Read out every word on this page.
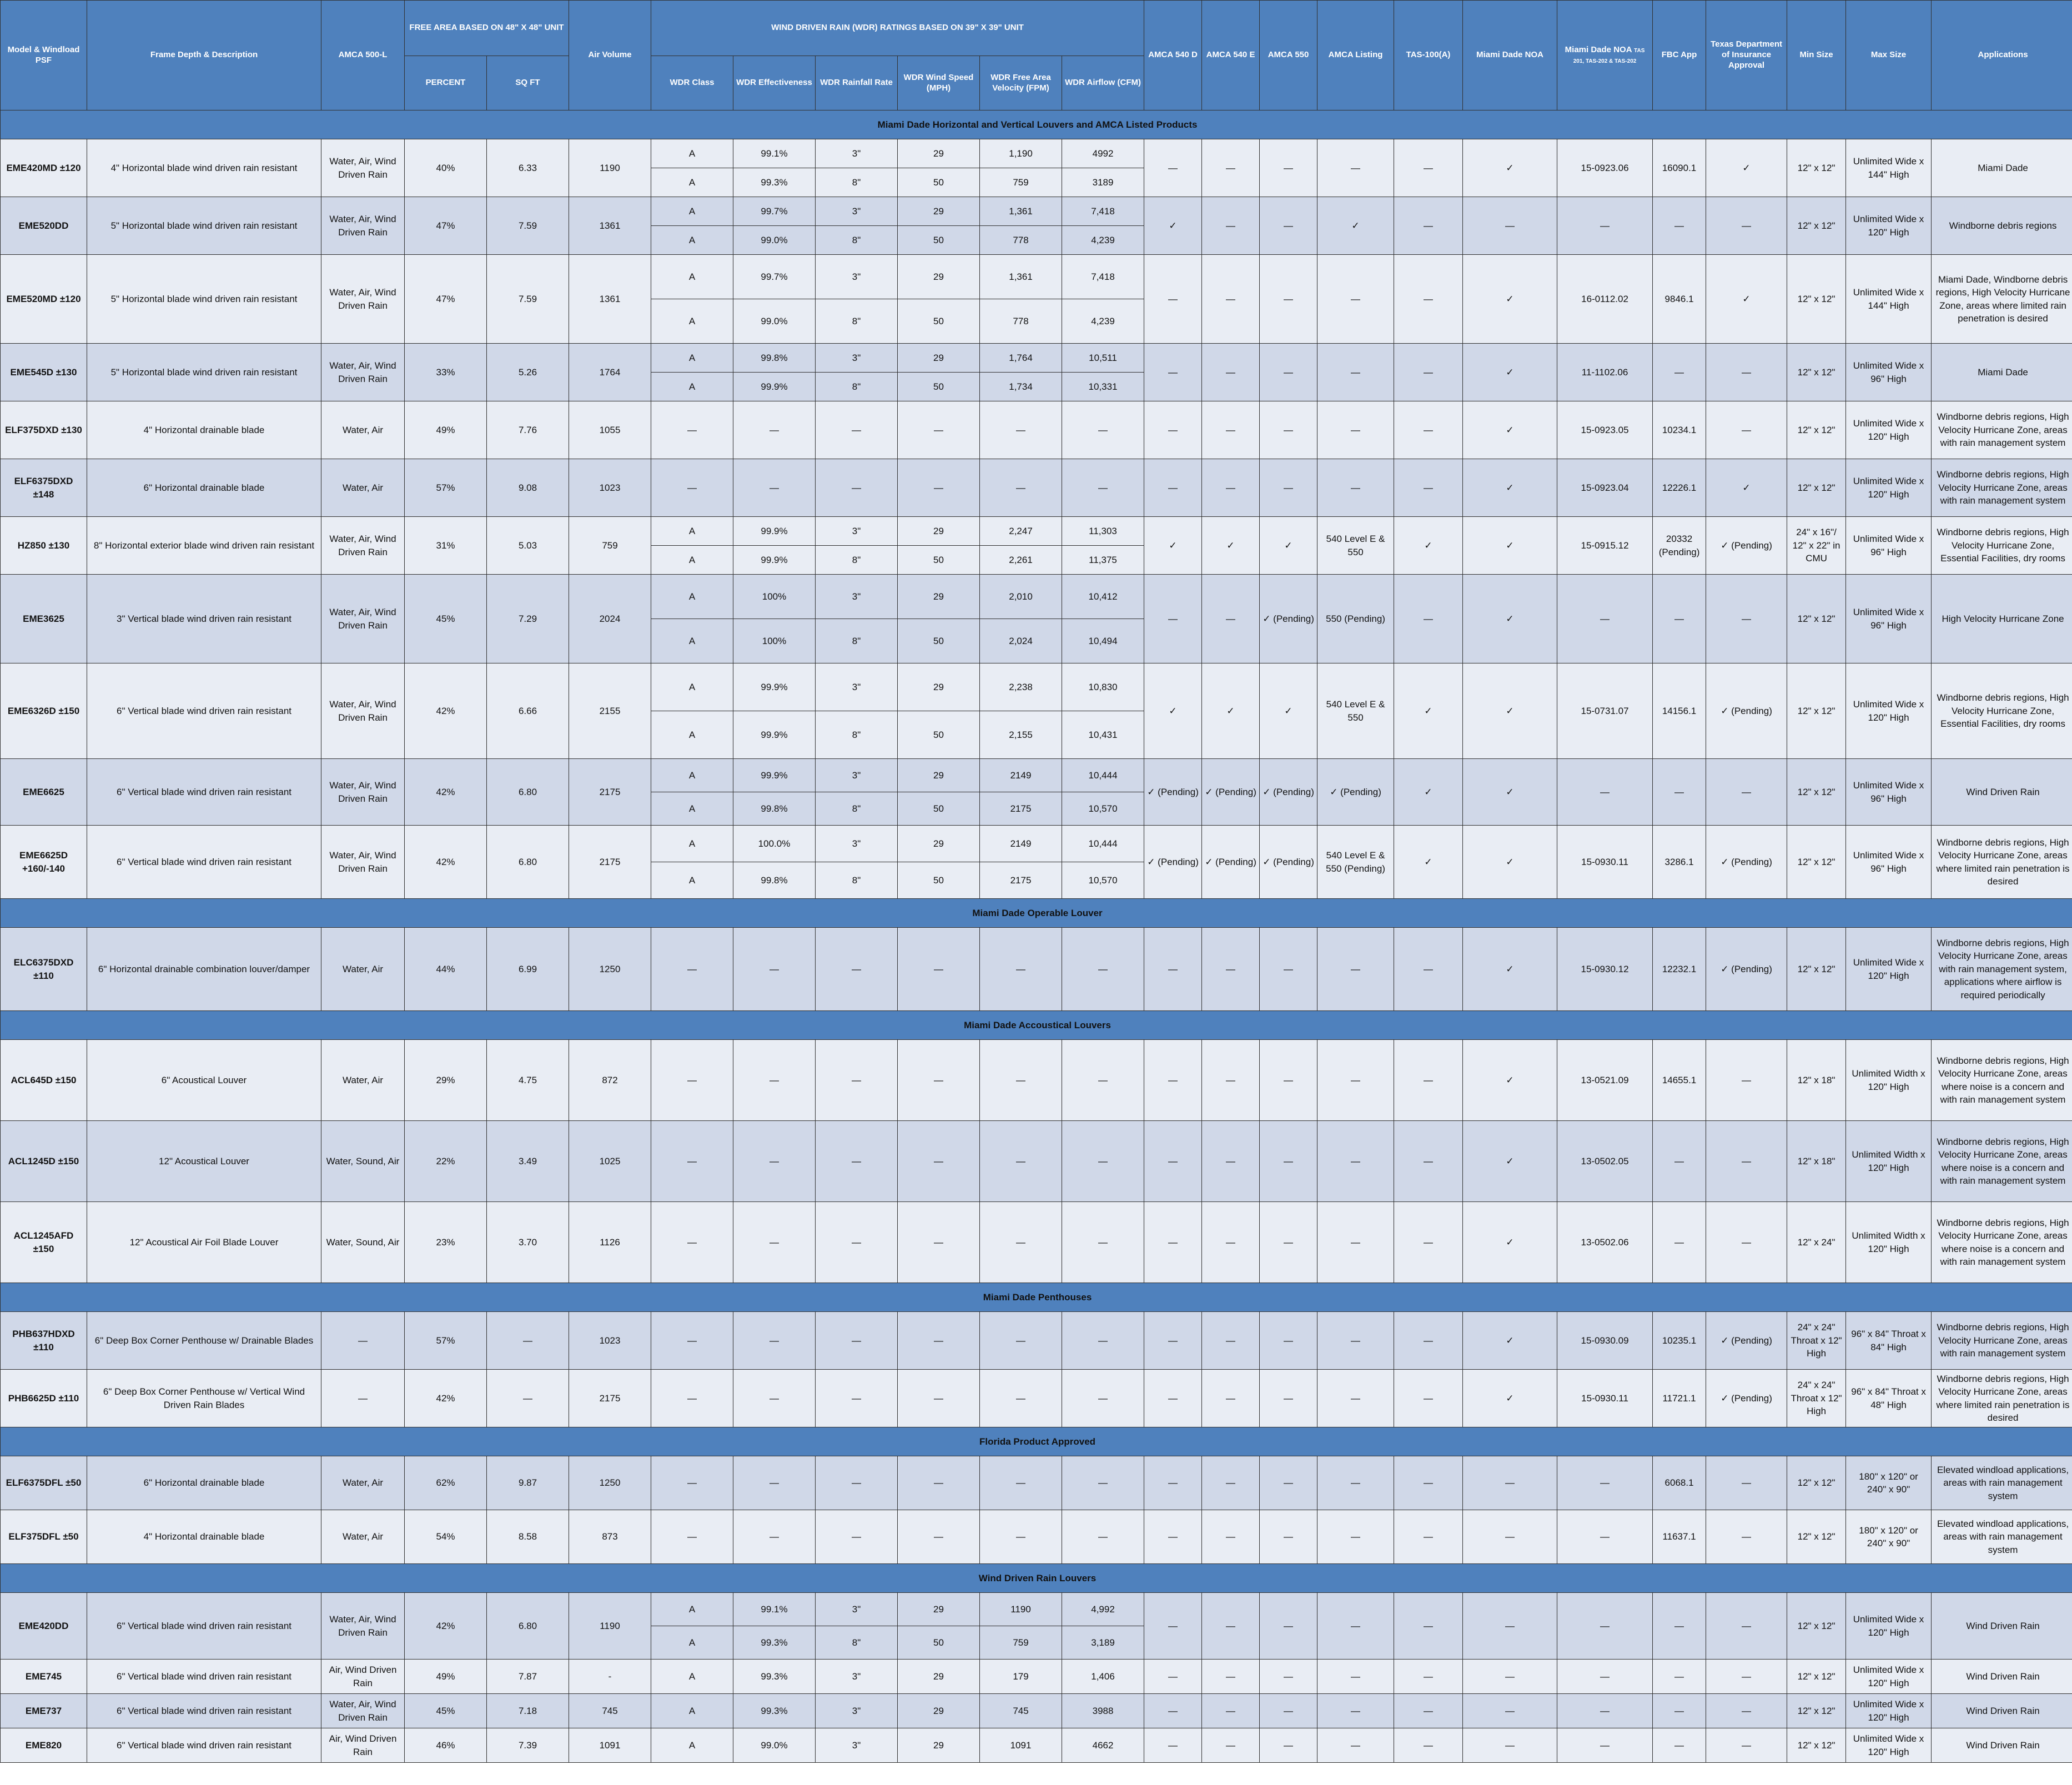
Model & Windload PSF	Frame Depth & Description	AMCA 500-L	FREE AREA BASED ON 48" X 48" UNIT		Air Volume	WIND DRIVEN RAIN (WDR) RATINGS BASED ON 39" X 39" UNIT						AMCA 540 D	AMCA 540 E	AMCA 550	AMCA Listing	TAS-100(A)	Miami Dade NOA	Miami Dade NOA TAS 201, TAS-202 & TAS-202	FBC App	Texas Department of Insurance Approval	Min Size	Max Size	Applications
			PERCENT	SQ FT		WDR Class	WDR Effectiveness	WDR Rainfall Rate	WDR Wind Speed (MPH)	WDR Free Area Velocity (FPM)	WDR Airflow (CFM)												
Miami Dade Horizontal and Vertical Louvers and AMCA Listed Products																							
EME420MD ±120	4" Horizontal blade wind driven rain resistant	Water, Air, Wind Driven Rain	40%	6.33	1190	A	99.1%	3"	29	1,190	4992	—	—	—	—	—	✓	15-0923.06	16090.1	✓	12" x 12"	Unlimited Wide x 144" High	Miami Dade
						A	99.3%	8"	50	759	3189												
EME520DD	5" Horizontal blade wind driven rain resistant	Water, Air, Wind Driven Rain	47%	7.59	1361	A	99.7%	3"	29	1,361	7,418	✓	—	—	✓	—	—	—	—	—	12" x 12"	Unlimited Wide x 120" High	Windborne debris regions
						A	99.0%	8"	50	778	4,239												
EME520MD ±120	5" Horizontal blade wind driven rain resistant	Water, Air, Wind Driven Rain	47%	7.59	1361	A	99.7%	3"	29	1,361	7,418	—	—	—	—	—	✓	16-0112.02	9846.1	✓	12" x 12"	Unlimited Wide x 144" High	Miami Dade, Windborne debris regions, High Velocity Hurricane Zone, areas where limited rain penetration is desired
						A	99.0%	8"	50	778	4,239												
EME545D ±130	5" Horizontal blade wind driven rain resistant	Water, Air, Wind Driven Rain	33%	5.26	1764	A	99.8%	3"	29	1,764	10,511	—	—	—	—	—	✓	11-1102.06	—	—	12" x 12"	Unlimited Wide x 96" High	Miami Dade
						A	99.9%	8"	50	1,734	10,331												
ELF375DXD ±130	4" Horizontal drainable blade	Water, Air	49%	7.76	1055	—	—	—	—	—	—	—	—	—	—	—	✓	15-0923.05	10234.1	—	12" x 12"	Unlimited Wide x 120" High	Windborne debris regions, High Velocity Hurricane Zone, areas with rain management system
ELF6375DXD ±148	6" Horizontal drainable blade	Water, Air	57%	9.08	1023	—	—	—	—	—	—	—	—	—	—	—	✓	15-0923.04	12226.1	✓	12" x 12"	Unlimited Wide x 120" High	Windborne debris regions, High Velocity Hurricane Zone, areas with rain management system
HZ850 ±130	8" Horizontal exterior blade wind driven rain resistant	Water, Air, Wind Driven Rain	31%	5.03	759	A	99.9%	3"	29	2,247	11,303	✓	✓	✓	540 Level E & 550	✓	✓	15-0915.12	20332 (Pending)	✓ (Pending)	24" x 16"/ 12" x 22" in CMU	Unlimited Wide x 96" High	Windborne debris regions, High Velocity Hurricane Zone, Essential Facilities, dry rooms
						A	99.9%	8"	50	2,261	11,375												
EME3625	3" Vertical blade wind driven rain resistant	Water, Air, Wind Driven Rain	45%	7.29	2024	A	100%	3"	29	2,010	10,412	—	—	✓ (Pending)	550 (Pending)	—	✓	—	—	—	12" x 12"	Unlimited Wide x 96" High	High Velocity Hurricane Zone
						A	100%	8"	50	2,024	10,494												
EME6326D ±150	6" Vertical blade wind driven rain resistant	Water, Air, Wind Driven Rain	42%	6.66	2155	A	99.9%	3"	29	2,238	10,830	✓	✓	✓	540 Level E & 550	✓	✓	15-0731.07	14156.1	✓ (Pending)	12" x 12"	Unlimited Wide x 120" High	Windborne debris regions, High Velocity Hurricane Zone, Essential Facilities, dry rooms
						A	99.9%	8"	50	2,155	10,431												
EME6625	6" Vertical blade wind driven rain resistant	Water, Air, Wind Driven Rain	42%	6.80	2175	A	99.9%	3"	29	2149	10,444	✓ (Pending)	✓ (Pending)	✓ (Pending)	✓ (Pending)	✓	✓	—	—	—	12" x 12"	Unlimited Wide x 96" High	Wind Driven Rain
						A	99.8%	8"	50	2175	10,570												
EME6625D +160/-140	6" Vertical blade wind driven rain resistant	Water, Air, Wind Driven Rain	42%	6.80	2175	A	100.0%	3"	29	2149	10,444	✓ (Pending)	✓ (Pending)	✓ (Pending)	540 Level E & 550 (Pending)	✓	✓	15-0930.11	3286.1	✓ (Pending)	12" x 12"	Unlimited Wide x 96" High	Windborne debris regions, High Velocity Hurricane Zone, areas where limited rain penetration is desired
						A	99.8%	8"	50	2175	10,570												
Miami Dade Operable Louver																							
ELC6375DXD ±110	6" Horizontal drainable combination louver/damper	Water, Air	44%	6.99	1250	—	—	—	—	—	—	—	—	—	—	—	✓	15-0930.12	12232.1	✓ (Pending)	12" x 12"	Unlimited Wide x 120" High	Windborne debris regions, High Velocity Hurricane Zone, areas with rain management system, applications where airflow is required periodically
Miami Dade Accoustical Louvers																							
ACL645D ±150	6" Acoustical Louver	Water, Air	29%	4.75	872	—	—	—	—	—	—	—	—	—	—	—	✓	13-0521.09	14655.1	—	12" x 18"	Unlimited Width x 120" High	Windborne debris regions, High Velocity Hurricane Zone, areas where noise is a concern and with rain management system
ACL1245D ±150	12" Acoustical Louver	Water, Sound, Air	22%	3.49	1025	—	—	—	—	—	—	—	—	—	—	—	✓	13-0502.05	—	—	12" x 18"	Unlimited Width x 120" High	Windborne debris regions, High Velocity Hurricane Zone, areas where noise is a concern and with rain management system
ACL1245AFD ±150	12" Acoustical Air Foil Blade Louver	Water, Sound, Air	23%	3.70	1126	—	—	—	—	—	—	—	—	—	—	—	✓	13-0502.06	—	—	12" x 24"	Unlimited Width x 120" High	Windborne debris regions, High Velocity Hurricane Zone, areas where noise is a concern and with rain management system
Miami Dade Penthouses																							
PHB637HDXD ±110	6" Deep Box Corner Penthouse w/ Drainable Blades	—	57%	—	1023	—	—	—	—	—	—	—	—	—	—	—	✓	15-0930.09	10235.1	✓ (Pending)	24" x 24" Throat x 12" High	96" x 84" Throat x 84" High	Windborne debris regions, High Velocity Hurricane Zone, areas with rain management system
PHB6625D ±110	6" Deep Box Corner Penthouse w/ Vertical Wind Driven Rain Blades	—	42%	—	2175	—	—	—	—	—	—	—	—	—	—	—	✓	15-0930.11	11721.1	✓ (Pending)	24" x 24" Throat x 12" High	96" x 84" Throat x 48" High	Windborne debris regions, High Velocity Hurricane Zone, areas where limited rain penetration is desired
Florida Product Approved																							
ELF6375DFL ±50	6" Horizontal drainable blade	Water, Air	62%	9.87	1250	—	—	—	—	—	—	—	—	—	—	—	—	—	6068.1	—	12" x 12"	180" x 120" or 240" x 90"	Elevated windload applications, areas with rain management system
ELF375DFL ±50	4" Horizontal drainable blade	Water, Air	54%	8.58	873	—	—	—	—	—	—	—	—	—	—	—	—	—	11637.1	—	12" x 12"	180" x 120" or 240" x 90"	Elevated windload applications, areas with rain management system
Wind Driven Rain Louvers																							
EME420DD	6" Vertical blade wind driven rain resistant	Water, Air, Wind Driven Rain	42%	6.80	1190	A	99.1%	3"	29	1190	4,992	—	—	—	—	—	—	—	—	—	12" x 12"	Unlimited Wide x 120" High	Wind Driven Rain
						A	99.3%	8"	50	759	3,189												
EME745	6" Vertical blade wind driven rain resistant	Air, Wind Driven Rain	49%	7.87	-	A	99.3%	3"	29	179	1,406	—	—	—	—	—	—	—	—	—	12" x 12"	Unlimited Wide x 120" High	Wind Driven Rain
EME737	6" Vertical blade wind driven rain resistant	Water, Air, Wind Driven Rain	45%	7.18	745	A	99.3%	3"	29	745	3988	—	—	—	—	—	—	—	—	—	12" x 12"	Unlimited Wide x 120" High	Wind Driven Rain
EME820	6" Vertical blade wind driven rain resistant	Air, Wind Driven Rain	46%	7.39	1091	A	99.0%	3"	29	1091	4662	—	—	—	—	—	—	—	—	—	12" x 12"	Unlimited Wide x 120" High	Wind Driven Rain
